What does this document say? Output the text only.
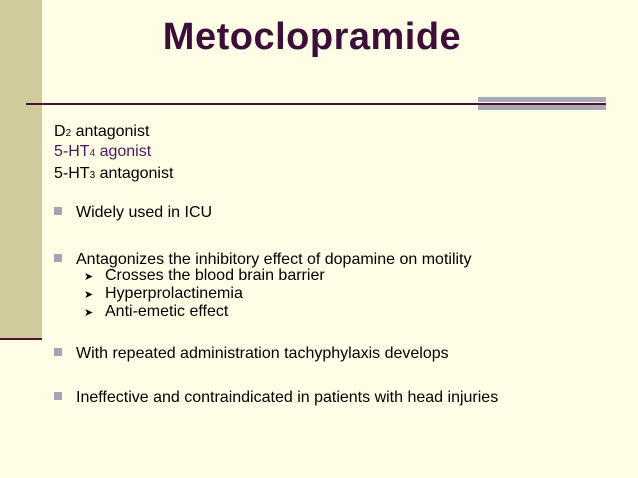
Metoclopramide
D2 antagonist
5-HT4 agonist
5-HT3 antagonist
Widely used in ICU
Antagonizes the inhibitory effect of dopamine on motility
➤ Crosses the blood brain barrier
➤ Hyperprolactinemia
➤ Anti-emetic effect
With repeated administration tachyphylaxis develops
Ineffective and contraindicated in patients with head injuries
